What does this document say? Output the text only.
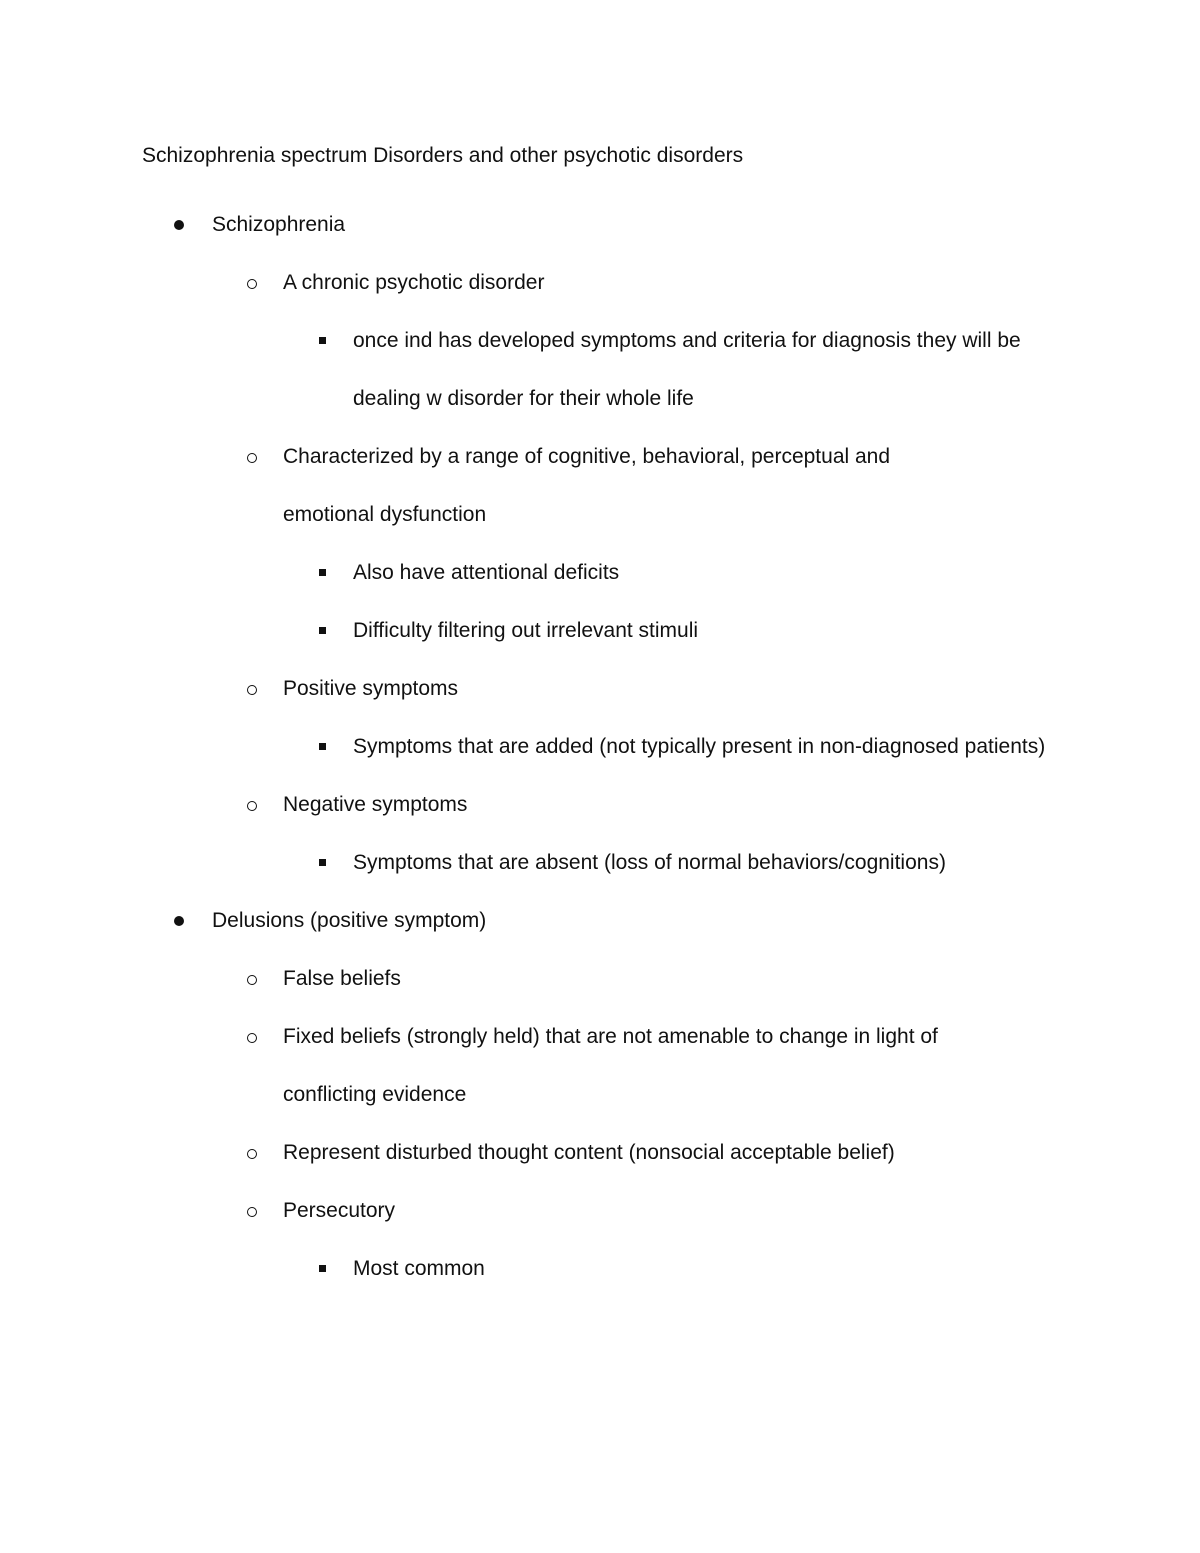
Schizophrenia spectrum Disorders and other psychotic disorders
Schizophrenia
A chronic psychotic disorder
once ind has developed symptoms and criteria for diagnosis they will be dealing w disorder for their whole life
Characterized by a range of cognitive, behavioral, perceptual and emotional dysfunction
Also have attentional deficits
Difficulty filtering out irrelevant stimuli
Positive symptoms
Symptoms that are added (not typically present in non-diagnosed patients)
Negative symptoms
Symptoms that are absent (loss of normal behaviors/cognitions)
Delusions (positive symptom)
False beliefs
Fixed beliefs (strongly held) that are not amenable to change in light of conflicting evidence
Represent disturbed thought content (nonsocial acceptable belief)
Persecutory
Most common
